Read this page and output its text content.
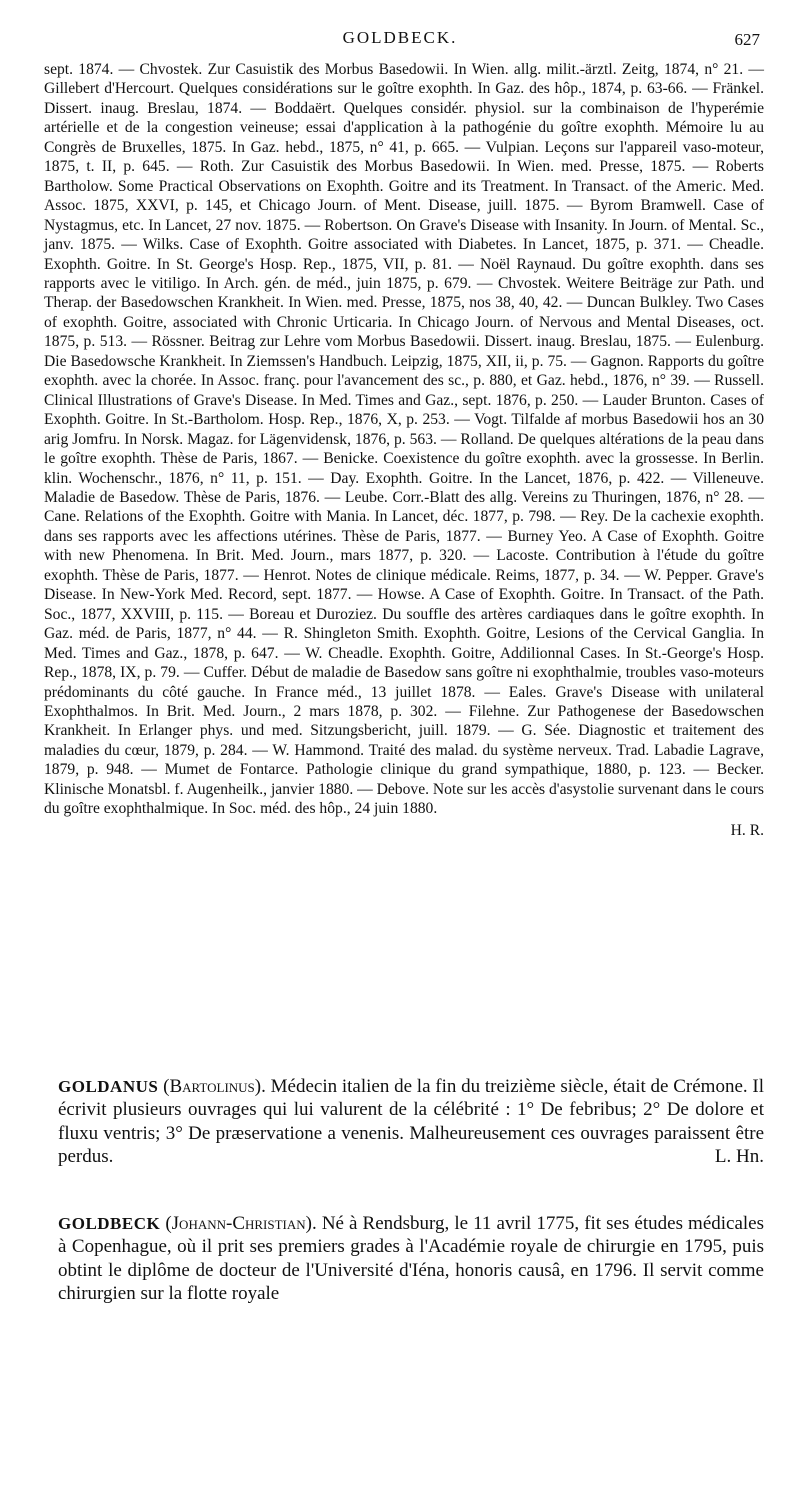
GOLDBECK.	627
sept. 1874. — Chvostek. Zur Casuistik des Morbus Basedowii. In Wien. allg. milit.-ärztl. Zeitg, 1874, n° 21. — Gillebert d'Hercourt. Quelques considérations sur le goître exophth. In Gaz. des hôp., 1874, p. 63-66. — Fränkel. Dissert. inaug. Breslau, 1874. — Boddaërt. Quelques considér. physiol. sur la combinaison de l'hyperémie artérielle et de la congestion veineuse; essai d'application à la pathogénie du goître exophth. Mémoire lu au Congrès de Bruxelles, 1875. In Gaz. hebd., 1875, n° 41, p. 665. — Vulpian. Leçons sur l'appareil vaso-moteur, 1875, t. II, p. 645. — Roth. Zur Casuistik des Morbus Basedowii. In Wien. med. Presse, 1875. — Roberts Bartholow. Some Practical Observations on Exophth. Goitre and its Treatment. In Transact. of the Americ. Med. Assoc. 1875, XXVI, p. 145, et Chicago Journ. of Ment. Disease, juill. 1875. — Byrom Bramwell. Case of Nystagmus, etc. In Lancet, 27 nov. 1875. — Robertson. On Grave's Disease with Insanity. In Journ. of Mental. Sc., janv. 1875. — Wilks. Case of Exophth. Goitre associated with Diabetes. In Lancet, 1875, p. 371. — Cheadle. Exophth. Goitre. In St. George's Hosp. Rep., 1875, VII, p. 81. — Noël Raynaud. Du goître exophth. dans ses rapports avec le vitiligo. In Arch. gén. de méd., juin 1875, p. 679. — Chvostek. Weitere Beiträge zur Path. und Therap. der Basedowschen Krankheit. In Wien. med. Presse, 1875, nos 38, 40, 42. — Duncan Bulkley. Two Cases of exophth. Goitre, associated with Chronic Urticaria. In Chicago Journ. of Nervous and Mental Diseases, oct. 1875, p. 513. — Rössner. Beitrag zur Lehre vom Morbus Basedowii. Dissert. inaug. Breslau, 1875. — Eulenburg. Die Basedowsche Krankheit. In Ziemssen's Handbuch. Leipzig, 1875, XII, ii, p. 75. — Gagnon. Rapports du goître exophth. avec la chorée. In Assoc. franç. pour l'avancement des sc., p. 880, et Gaz. hebd., 1876, n° 39. — Russell. Clinical Illustrations of Grave's Disease. In Med. Times and Gaz., sept. 1876, p. 250. — Lauder Brunton. Cases of Exophth. Goitre. In St.-Bartholom. Hosp. Rep., 1876, X, p. 253. — Vogt. Tilfalde af morbus Basedowii hos an 30 arig Jomfru. In Norsk. Magaz. for Lägenvidensk, 1876, p. 563. — Rolland. De quelques altérations de la peau dans le goître exophth. Thèse de Paris, 1867. — Benicke. Coexistence du goître exophth. avec la grossesse. In Berlin. klin. Wochenschr., 1876, n° 11, p. 151. — Day. Exophth. Goitre. In the Lancet, 1876, p. 422. — Villeneuve. Maladie de Basedow. Thèse de Paris, 1876. — Leube. Corr.-Blatt des allg. Vereins zu Thuringen, 1876, n° 28. — Cane. Relations of the Exophth. Goitre with Mania. In Lancet, déc. 1877, p. 798. — Rey. De la cachexie exophth. dans ses rapports avec les affections utérines. Thèse de Paris, 1877. — Burney Yeo. A Case of Exophth. Goitre with new Phenomena. In Brit. Med. Journ., mars 1877, p. 320. — Lacoste. Contribution à l'étude du goître exophth. Thèse de Paris, 1877. — Henrot. Notes de clinique médicale. Reims, 1877, p. 34. — W. Pepper. Grave's Disease. In New-York Med. Record, sept. 1877. — Howse. A Case of Exophth. Goitre. In Transact. of the Path. Soc., 1877, XXVIII, p. 115. — Boreau et Duroziez. Du souffle des artères cardiaques dans le goître exophth. In Gaz. méd. de Paris, 1877, n° 44. — R. Shingleton Smith. Exophth. Goitre, Lesions of the Cervical Ganglia. In Med. Times and Gaz., 1878, p. 647. — W. Cheadle. Exophth. Goitre, Addilionnal Cases. In St.-George's Hosp. Rep., 1878, IX, p. 79. — Cuffer. Début de maladie de Basedow sans goître ni exophthalmie, troubles vaso-moteurs prédominants du côté gauche. In France méd., 13 juillet 1878. — Eales. Grave's Disease with unilateral Exophthalmos. In Brit. Med. Journ., 2 mars 1878, p. 302. — Filehne. Zur Pathogenese der Basedowschen Krankheit. In Erlanger phys. und med. Sitzungsbericht, juill. 1879. — G. Sée. Diagnostic et traitement des maladies du cœur, 1879, p. 284. — W. Hammond. Traité des malad. du système nerveux. Trad. Labadie Lagrave, 1879, p. 948. — Mumet de Fontarce. Pathologie clinique du grand sympathique, 1880, p. 123. — Becker. Klinische Monatsbl. f. Augenheilk., janvier 1880. — Debove. Note sur les accès d'asystolie survenant dans le cours du goître exophthalmique. In Soc. méd. des hôp., 24 juin 1880.
H. R.
GOLDANUS (Bartolinus). Médecin italien de la fin du treizième siècle, était de Crémone. Il écrivit plusieurs ouvrages qui lui valurent de la célébrité : 1° De febribus; 2° De dolore et fluxu ventris; 3° De præservatione a venenis. Malheureusement ces ouvrages paraissent être perdus.	L. Hn.
GOLDBECK (Johann-Christian). Né à Rendsburg, le 11 avril 1775, fit ses études médicales à Copenhague, où il prit ses premiers grades à l'Académie royale de chirurgie en 1795, puis obtint le diplôme de docteur de l'Université d'Iéna, honoris causâ, en 1796. Il servit comme chirurgien sur la flotte royale
